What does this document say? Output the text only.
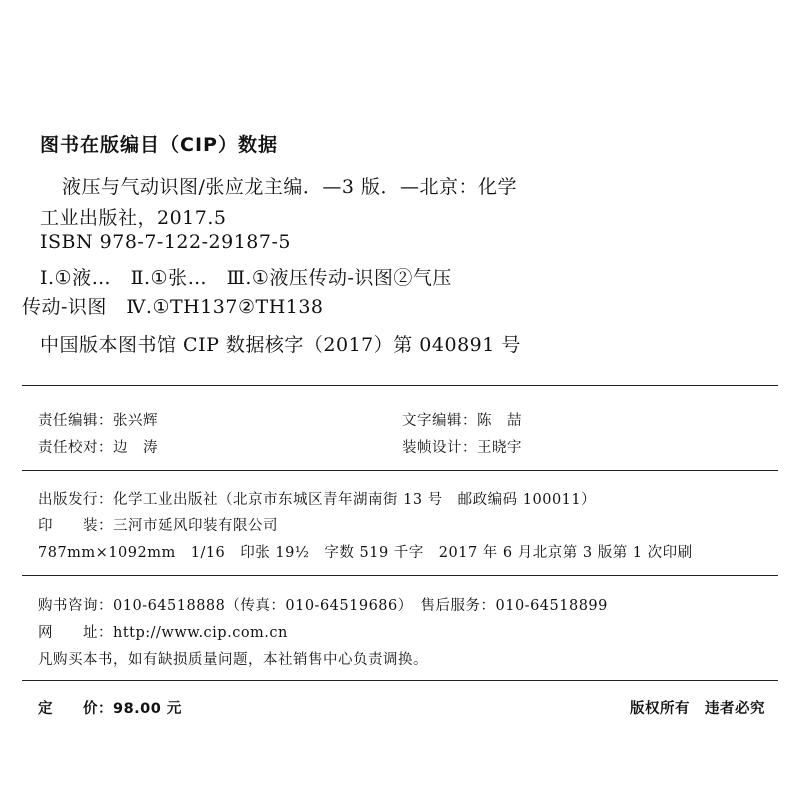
图书在版编目（CIP）数据
液压与气动识图/张应龙主编．—3 版．—北京：化学
工业出版社，2017.5
ISBN 978-7-122-29187-5
Ⅰ.①液…　Ⅱ.①张…　Ⅲ.①液压传动-识图②气压
传动-识图　Ⅳ.①TH137②TH138
中国版本图书馆 CIP 数据核字（2017）第 040891 号
责任编辑：张兴辉	文字编辑：陈　喆
责任校对：边　涛	装帧设计：王晓宇
出版发行：化学工业出版社（北京市东城区青年湖南街 13 号　邮政编码 100011）
印　　装：三河市延风印装有限公司
787mm×1092mm　1/16　印张 19½　字数 519 千字　2017 年 6 月北京第 3 版第 1 次印刷
购书咨询：010-64518888（传真：010-64519686）　售后服务：010-64518899
网　　址：http://www.cip.com.cn
凡购买本书，如有缺损质量问题，本社销售中心负责调换。
定　　价：98.00 元	版权所有　违者必究
